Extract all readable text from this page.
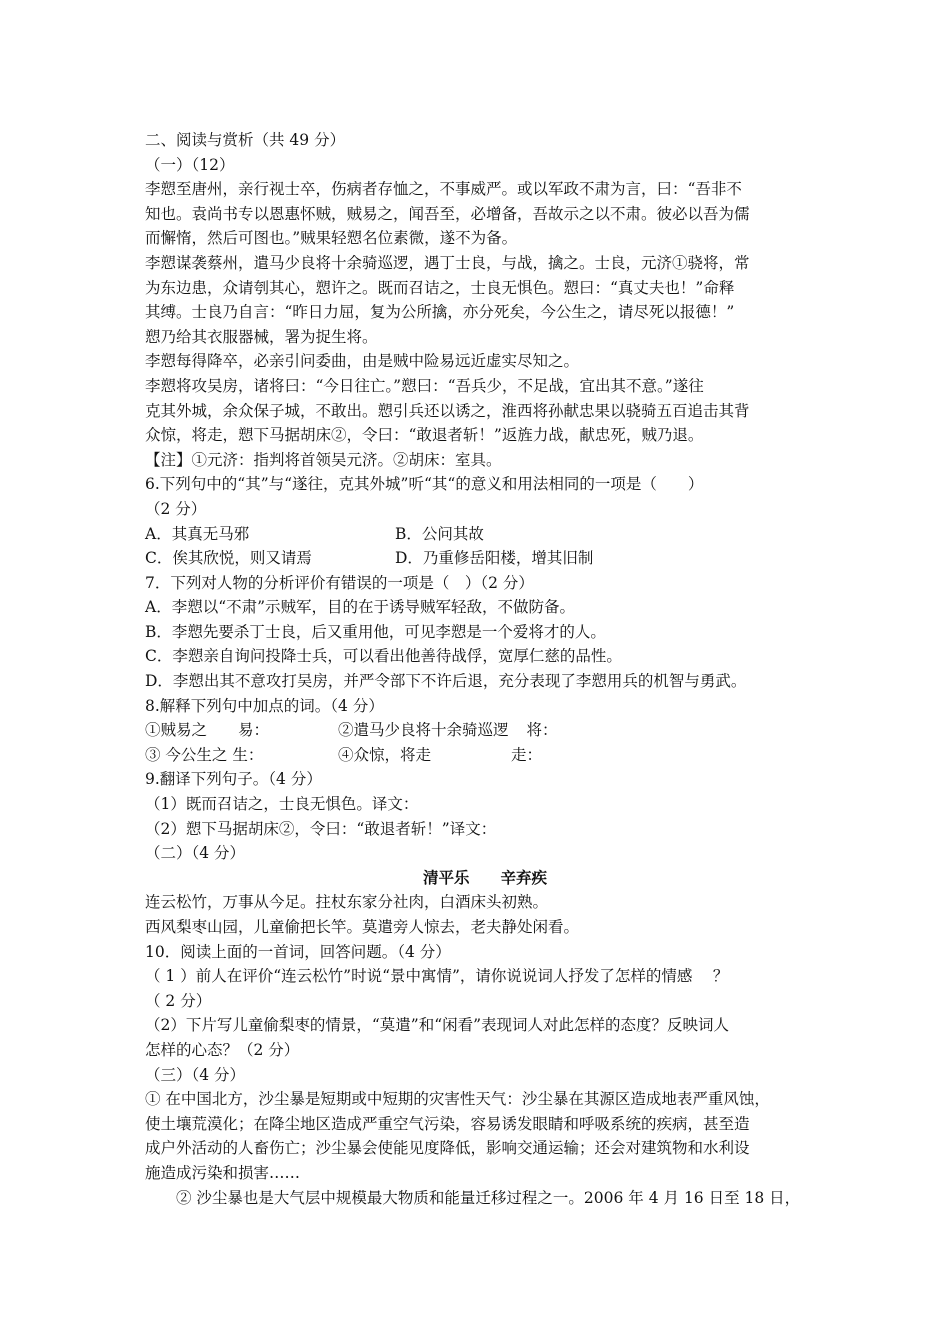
二、阅读与赏析（共 49 分）
（一）（12）
李愬至唐州，亲行视士卒，伤病者存恤之，不事威严。或以军政不肃为言，曰：“吾非不
知也。袁尚书专以恩惠怀贼，贼易之，闻吾至，必增备，吾故示之以不肃。彼必以吾为儒
而懈惰，然后可图也。”贼果轻愬名位素微，遂不为备。
李愬谋袭蔡州，遣马少良将十余骑巡逻，遇丁士良，与战，擒之。士良，元济①骁将，常
为东边患，众请刳其心，愬许之。既而召诘之，士良无惧色。愬曰：“真丈夫也！”命释
其缚。士良乃自言：“昨日力屈，复为公所擒，亦分死矣，今公生之，请尽死以报德！”
愬乃给其衣服器械，署为捉生将。
李愬每得降卒，必亲引问委曲，由是贼中险易远近虚实尽知之。
李愬将攻吴房，诸将曰：“今日往亡。”愬曰：“吾兵少，不足战，宜出其不意。”遂往
克其外城，余众保子城，不敢出。愬引兵还以诱之，淮西将孙献忠果以骁骑五百追击其背
众惊，将走，愬下马据胡床②，令曰：“敢退者斩！”返旌力战，献忠死，贼乃退。
【注】①元济：指判将首领吴元济。②胡床：室具。
6.下列句中的“其”与“遂往，克其外城”听“其“的意义和用法相同的一项是（　　）
（2 分）
A．其真无马邪	B．公问其故
C．俟其欣悦，则又请焉	D．乃重修岳阳楼，增其旧制
7．下列对人物的分析评价有错误的一项是（　）（2 分）
A．李愬以“不肃”示贼军，目的在于诱导贼军轻敌，不做防备。
B．李愬先要杀丁士良，后又重用他，可见李愬是一个爱将才的人。
C．李愬亲自询问投降士兵，可以看出他善待战俘，宽厚仁慈的品性。
D．李愬出其不意攻打吴房，并严令部下不许后退，充分表现了李愬用兵的机智与勇武。
8.解释下列句中加点的词。（4 分）
①贼易之　　易：	②遣马少良将十余骑巡逻 将：
③ 今公生之 生：	④众惊，将走	走：
9.翻译下列句子。（4 分）
（1）既而召诘之，士良无惧色。译文：
（2）愬下马据胡床②，令曰：“敢退者斩！”译文：
（二）（4 分）
清平乐　　辛弃疾
连云松竹，万事从今足。拄杖东家分社肉，白酒床头初熟。
西风梨枣山园，儿童偷把长竿。莫遣旁人惊去，老夫静处闲看。
10．阅读上面的一首词，回答问题。（4 分）
（ 1 ）前人在评价“连云松竹”时说“景中寓情”，请你说说词人抒发了怎样的情感　 ？
（ 2 分）
（2）下片写儿童偷梨枣的情景，“莫遣”和“闲看”表现词人对此怎样的态度？反映词人
怎样的心态？（2 分）
（三）（4 分）
① 在中国北方，沙尘暴是短期或中短期的灾害性天气：沙尘暴在其源区造成地表严重风蚀，
使土壤荒漠化；在降尘地区造成严重空气污染，容易诱发眼睛和呼吸系统的疾病，甚至造
成户外活动的人畜伤亡；沙尘暴会使能见度降低，影响交通运输；还会对建筑物和水利设
施造成污染和损害……
② 沙尘暴也是大气层中规模最大物质和能量迁移过程之一。2006 年 4 月 16 日至 18 日，
